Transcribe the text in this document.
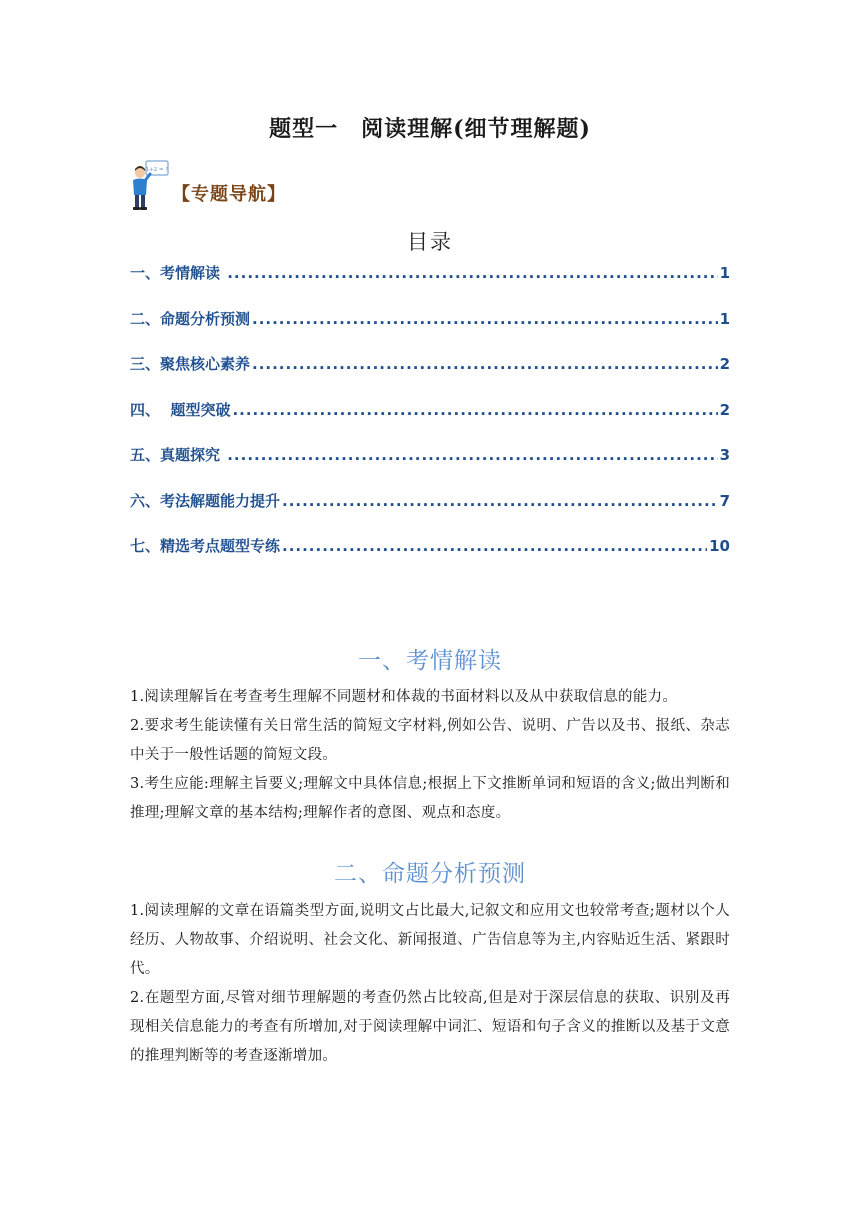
题型一　阅读理解(细节理解题)
1+2 = ?
【专题导航】
目录
一、考情解读 .....	1
二、命题分析预测 .....	1
三、聚焦核心素养 .....	2
四、  题型突破 .....	2
五、真题探究 .....	3
六、考法解题能力提升 .....	7
七、精选考点题型专练 .....	10
一、考情解读

1.阅读理解旨在考查考生理解不同题材和体裁的书面材料以及从中获取信息的能力。

2.要求考生能读懂有关日常生活的简短文字材料,例如公告、说明、广告以及书、报纸、杂志中关于一般性话题的简短文段。

3.考生应能:理解主旨要义;理解文中具体信息;根据上下文推断单词和短语的含义;做出判断和推理;理解文章的基本结构;理解作者的意图、观点和态度。

二、命题分析预测

1.阅读理解的文章在语篇类型方面,说明文占比最大,记叙文和应用文也较常考查;题材以个人经历、人物故事、介绍说明、社会文化、新闻报道、广告信息等为主,内容贴近生活、紧跟时代。

2.在题型方面,尽管对细节理解题的考查仍然占比较高,但是对于深层信息的获取、识别及再现相关信息能力的考查有所增加,对于阅读理解中词汇、短语和句子含义的推断以及基于文意的推理判断等的考查逐渐增加。
